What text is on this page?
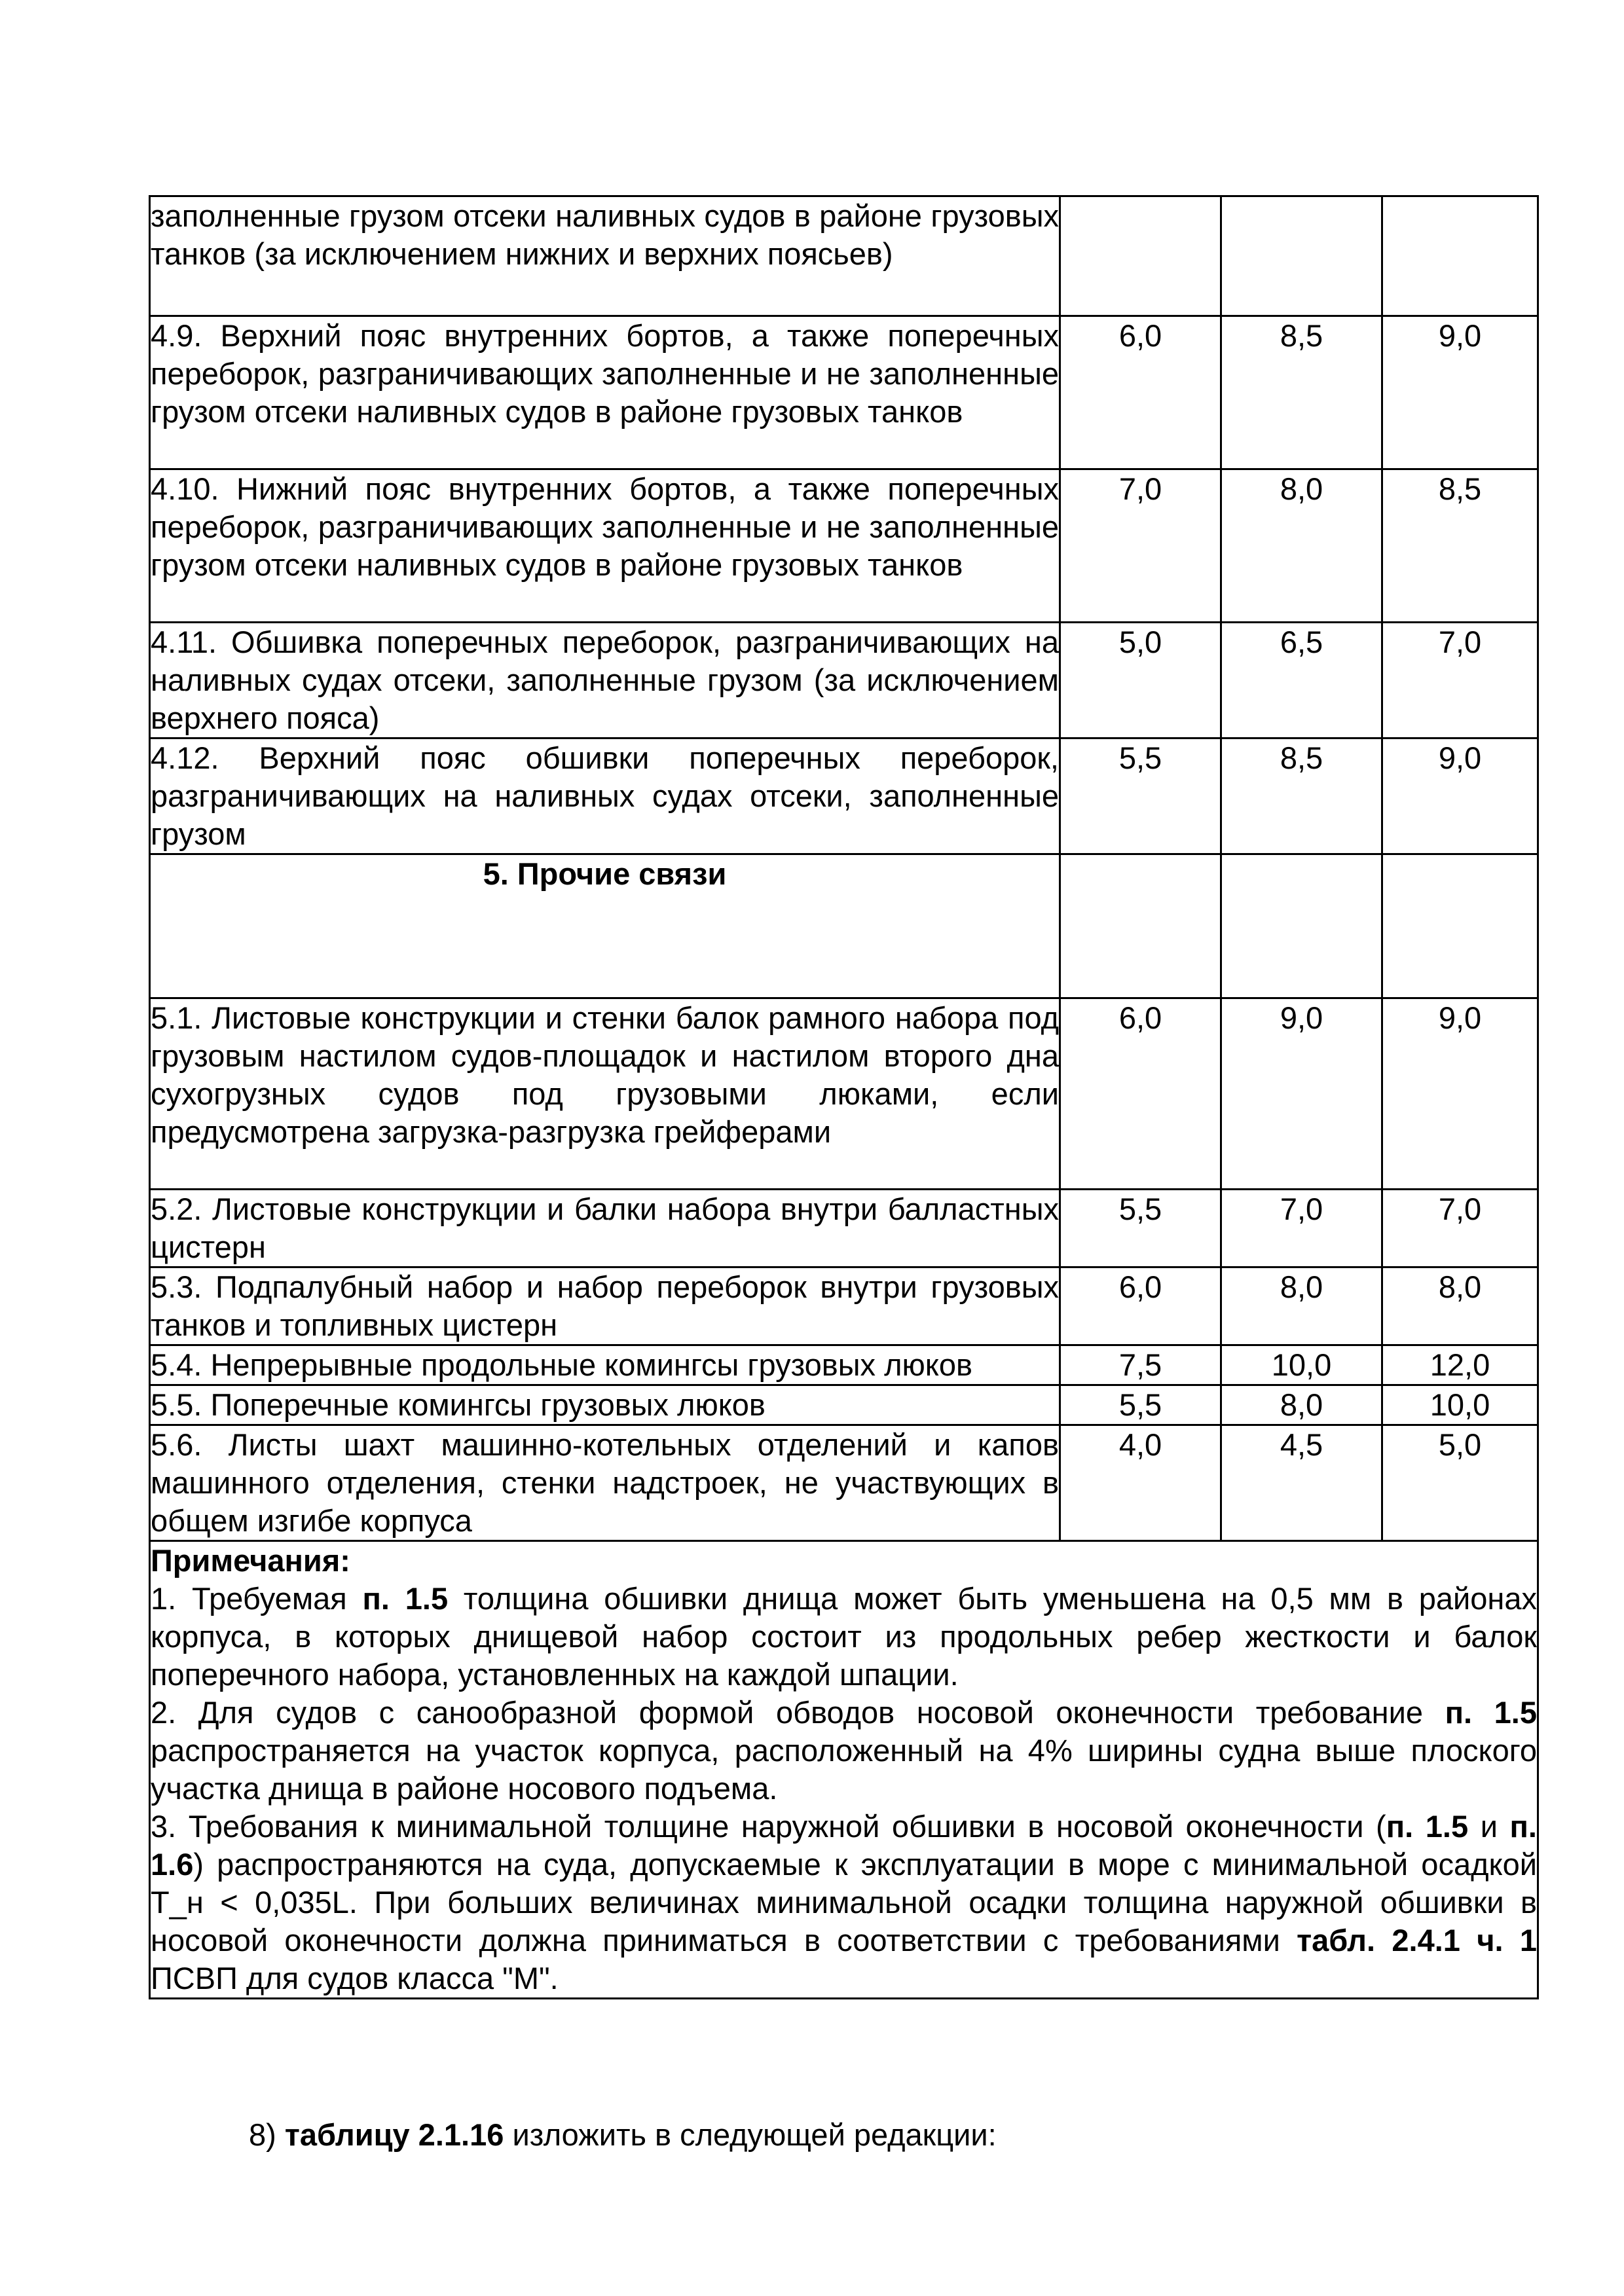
заполненные грузом отсеки наливных судов в районе грузовых танков (за исключением нижних и верхних поясьев)			
4.9. Верхний пояс внутренних бортов, а также поперечных переборок, разграничивающих заполненные и не заполненные грузом отсеки наливных судов в районе грузовых танков	6,0	8,5	9,0
4.10. Нижний пояс внутренних бортов, а также поперечных переборок, разграничивающих заполненные и не заполненные грузом отсеки наливных судов в районе грузовых танков	7,0	8,0	8,5
4.11. Обшивка поперечных переборок, разграничивающих на наливных судах отсеки, заполненные грузом (за исключением верхнего пояса)	5,0	6,5	7,0
4.12. Верхний пояс обшивки поперечных переборок, разграничивающих на наливных судах отсеки, заполненные грузом	5,5	8,5	9,0
5. Прочие связи			
5.1. Листовые конструкции и стенки балок рамного набора под грузовым настилом судов-площадок и настилом второго дна сухогрузных судов под грузовыми люками, если предусмотрена загрузка-разгрузка грейферами	6,0	9,0	9,0
5.2. Листовые конструкции и балки набора внутри балластных цистерн	5,5	7,0	7,0
5.3. Подпалубный набор и набор переборок внутри грузовых танков и топливных цистерн	6,0	8,0	8,0
5.4. Непрерывные продольные комингсы грузовых люков	7,5	10,0	12,0
5.5. Поперечные комингсы грузовых люков	5,5	8,0	10,0
5.6. Листы шахт машинно-котельных отделений и капов машинного отделения, стенки надстроек, не участвующих в общем изгибе корпуса	4,0	4,5	5,0

Примечания:

1. Требуемая п. 1.5 толщина обшивки днища может быть уменьшена на 0,5 мм в районах корпуса, в которых днищевой набор состоит из продольных ребер жесткости и балок поперечного набора, установленных на каждой шпации.

2. Для судов с санообразной формой обводов носовой оконечности требование п. 1.5 распространяется на участок корпуса, расположенный на 4% ширины судна выше плоского участка днища в районе носового подъема.

3. Требования к минимальной толщине наружной обшивки в носовой оконечности (п. 1.5 и п. 1.6) распространяются на суда, допускаемые к эксплуатации в море с минимальной осадкой T_н < 0,035L. При больших величинах минимальной осадки толщина наружной обшивки в носовой оконечности должна приниматься в соответствии с требованиями табл. 2.4.1 ч. 1 ПСВП для судов класса "М".			

8) таблицу 2.1.16 изложить в следующей редакции:
